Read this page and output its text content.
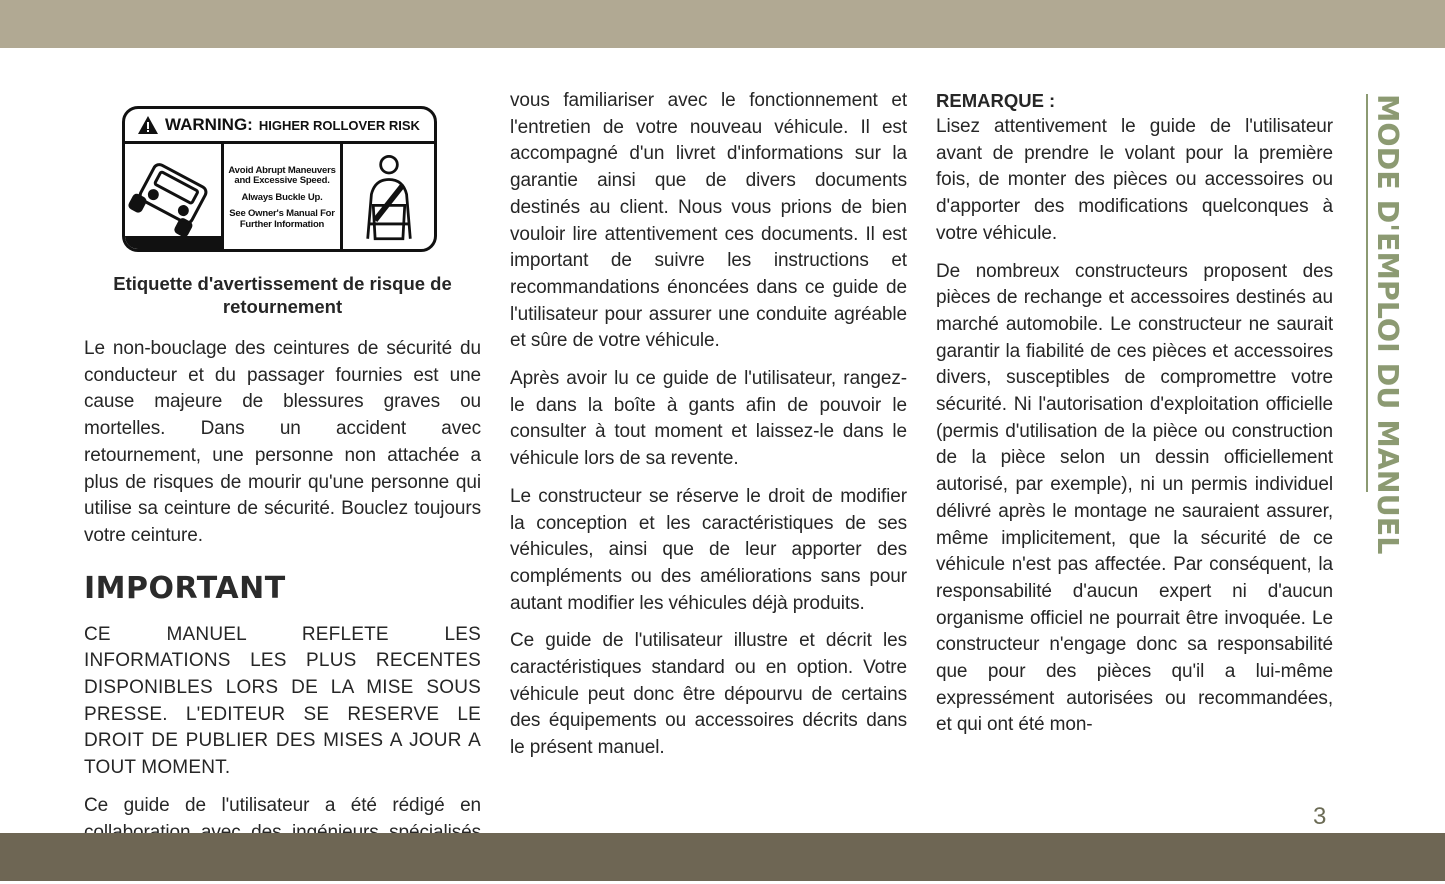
WARNING: HIGHER ROLLOVER RISK
Avoid Abrupt Maneuvers and Excessive Speed.
Always Buckle Up.
See Owner's Manual For Further Information
Etiquette d'avertissement de risque de retournement

Le non-bouclage des ceintures de sécurité du conducteur et du passager fournies est une cause majeure de blessures graves ou mortelles. Dans un accident avec retournement, une personne non attachée a plus de risques de mourir qu'une personne qui utilise sa ceinture de sécurité. Bouclez toujours votre ceinture.

IMPORTANT

CE MANUEL REFLETE LES INFORMATIONS LES PLUS RECENTES DISPONIBLES LORS DE LA MISE SOUS PRESSE. L'EDITEUR SE RESERVE LE DROIT DE PUBLIER DES MISES A JOUR A TOUT MOMENT.

Ce guide de l'utilisateur a été rédigé en

vous familiariser avec le fonctionnement et l'entretien de votre nouveau véhicule. Il est accompagné d'un livret d'informations sur la garantie ainsi que de divers documents destinés au client. Nous vous prions de bien vouloir lire attentivement ces documents. Il est important de suivre les instructions et recommandations énoncées dans ce guide de l'utilisateur pour assurer une conduite agréable et sûre de votre véhicule.

Après avoir lu ce guide de l'utilisateur, rangez-le dans la boîte à gants afin de pouvoir le consulter à tout moment et laissez-le dans le véhicule lors de sa revente.

Le constructeur se réserve le droit de modifier la conception et les caractéristiques de ses véhicules, ainsi que de leur apporter des compléments ou des améliorations sans pour autant modifier les véhicules déjà produits.

Ce guide de l'utilisateur illustre et décrit les caractéristiques standard ou en option. Votre véhicule peut donc être dépourvu de certains des équipements ou accessoires décrits dans le présent manuel.

REMARQUE :

Lisez attentivement le guide de l'utilisateur avant de prendre le volant pour la première fois, de monter des pièces ou accessoires ou d'apporter des modifications quelconques à votre véhicule.

De nombreux constructeurs proposent des pièces de rechange et accessoires destinés au marché automobile. Le constructeur ne saurait garantir la fiabilité de ces pièces et accessoires divers, susceptibles de compromettre votre sécurité. Ni l'autorisation d'exploitation officielle (permis d'utilisation de la pièce ou construction de la pièce selon un dessin officiellement autorisé, par exemple), ni un permis individuel délivré après le montage ne sauraient assurer, même implicitement, que la sécurité de ce véhicule n'est pas affectée. Par conséquent, la responsabilité d'aucun expert ni d'aucun organisme officiel ne pourrait être invoquée. Le constructeur n'engage donc sa responsabilité que pour des pièces qu'il a lui-même expressément autorisées ou recommandées, et qui ont été mon-

MODE D'EMPLOI DU MANUEL
3
